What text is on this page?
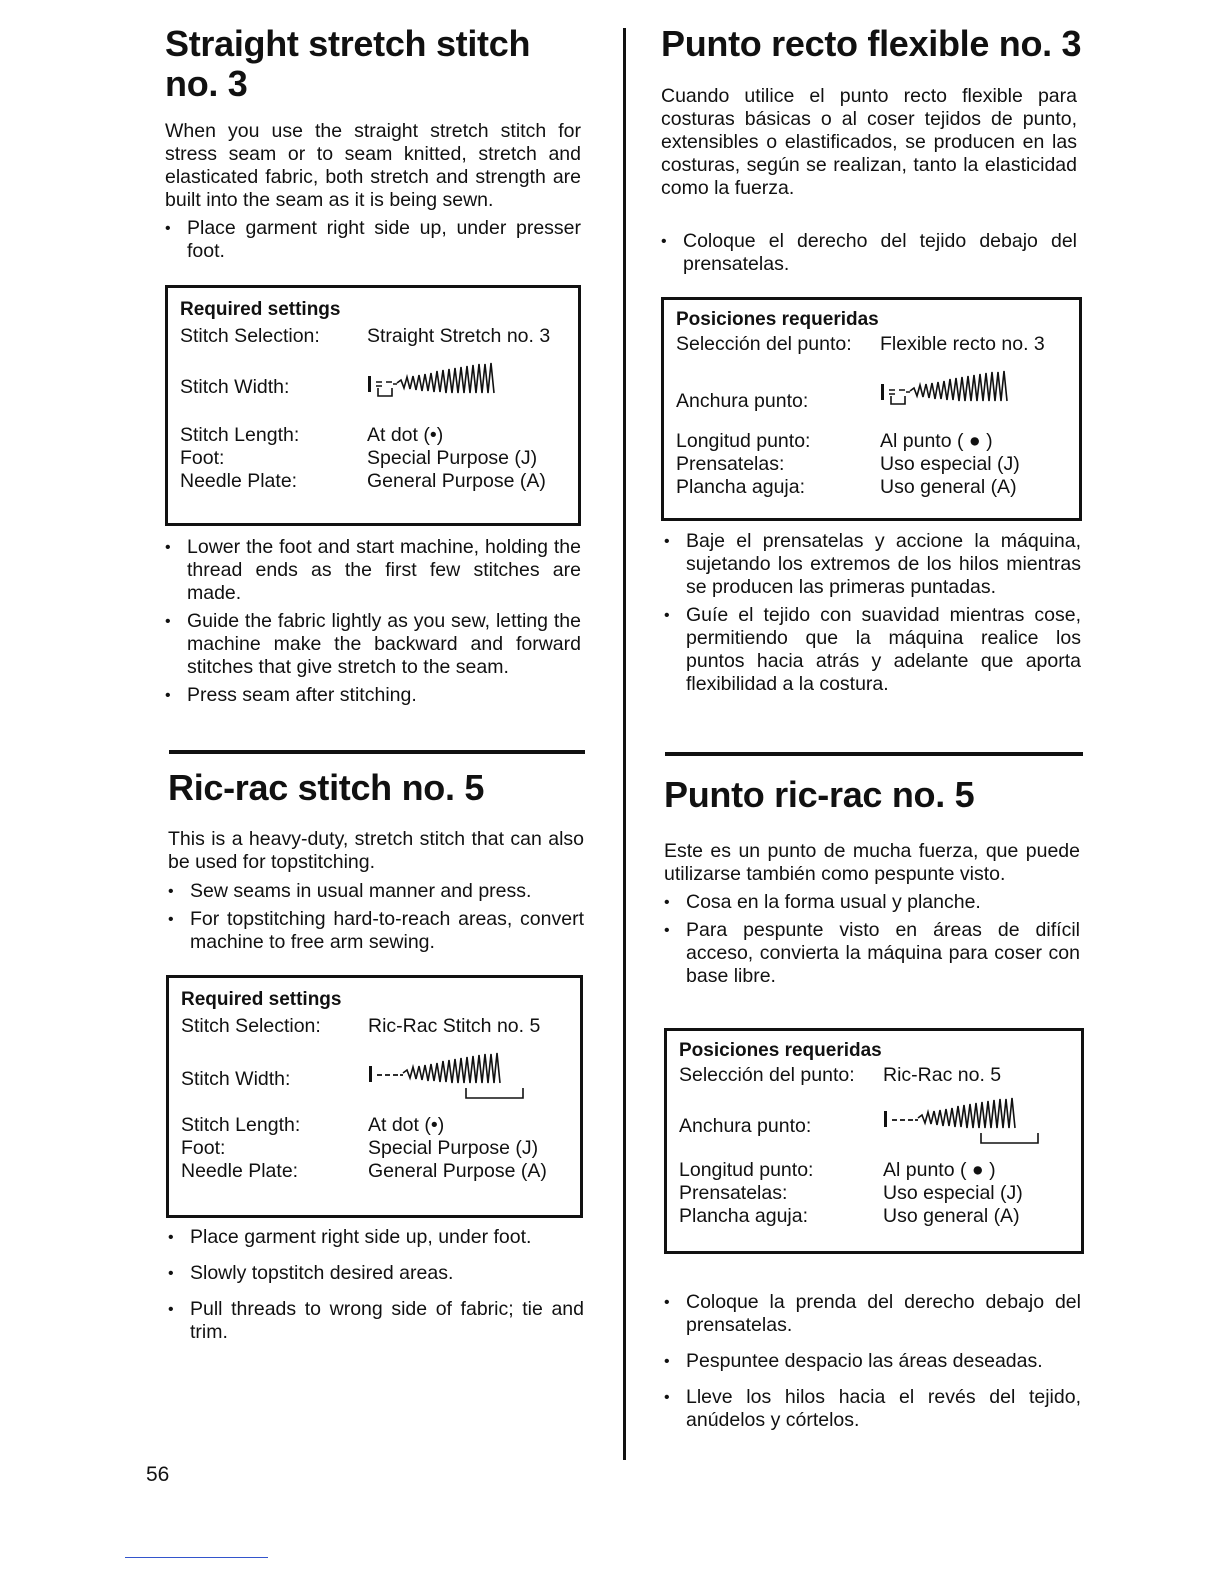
Straight stretch stitch
no. 3

When you use the straight stretch stitch for stress seam or to seam knitted, stretch and elasticated fabric, both stretch and strength are built into the seam as it is being sewn.

• Place garment right side up, under presser foot.
Required settings
Stitch Selection:	Straight Stretch no. 3
Stitch Width:
Stitch Length:	At dot (•)
Foot:	Special Purpose (J)
Needle Plate:	General Purpose (A)
• Lower the foot and start machine, holding the thread ends as the first few stitches are made.
• Guide the fabric lightly as you sew, letting the machine make the backward and forward stitches that give stretch to the seam.
• Press seam after stitching.
Ric-rac stitch no. 5

This is a heavy-duty, stretch stitch that can also be used for topstitching.

• Sew seams in usual manner and press.
• For topstitching hard-to-reach areas, convert machine to free arm sewing.
Required settings
Stitch Selection:	Ric-Rac Stitch no. 5
Stitch Width:
Stitch Length:	At dot (•)
Foot:	Special Purpose (J)
Needle Plate:	General Purpose (A)
• Place garment right side up, under foot.
• Slowly topstitch desired areas.
• Pull threads to wrong side of fabric; tie and trim.
Punto recto flexible no. 3

Cuando utilice el punto recto flexible para costuras básicas o al coser tejidos de punto, extensibles o elastificados, se producen en las costuras, según se realizan, tanto la elasticidad como la fuerza.

• Coloque el derecho del tejido debajo del prensatelas.
Posiciones requeridas
Selección del punto:	Flexible recto no. 3
Anchura punto:
Longitud punto:	Al punto ( ● )
Prensatelas:	Uso especial (J)
Plancha aguja:	Uso general (A)
• Baje el prensatelas y accione la máquina, sujetando los extremos de los hilos mientras se producen las primeras puntadas.
• Guíe el tejido con suavidad mientras cose, permitiendo que la máquina realice los puntos hacia atrás y adelante que aporta flexibilidad a la costura.
Punto ric-rac no. 5

Este es un punto de mucha fuerza, que puede utilizarse también como pespunte visto.

• Cosa en la forma usual y planche.
• Para pespunte visto en áreas de difícil acceso, convierta la máquina para coser con base libre.
Posiciones requeridas
Selección del punto:	Ric-Rac no. 5
Anchura punto:
Longitud punto:	Al punto ( ● )
Prensatelas:	Uso especial (J)
Plancha aguja:	Uso general (A)
• Coloque la prenda del derecho debajo del prensatelas.
• Pespuntee despacio las áreas deseadas.
• Lleve los hilos hacia el revés del tejido, anúdelos y córtelos.
56
